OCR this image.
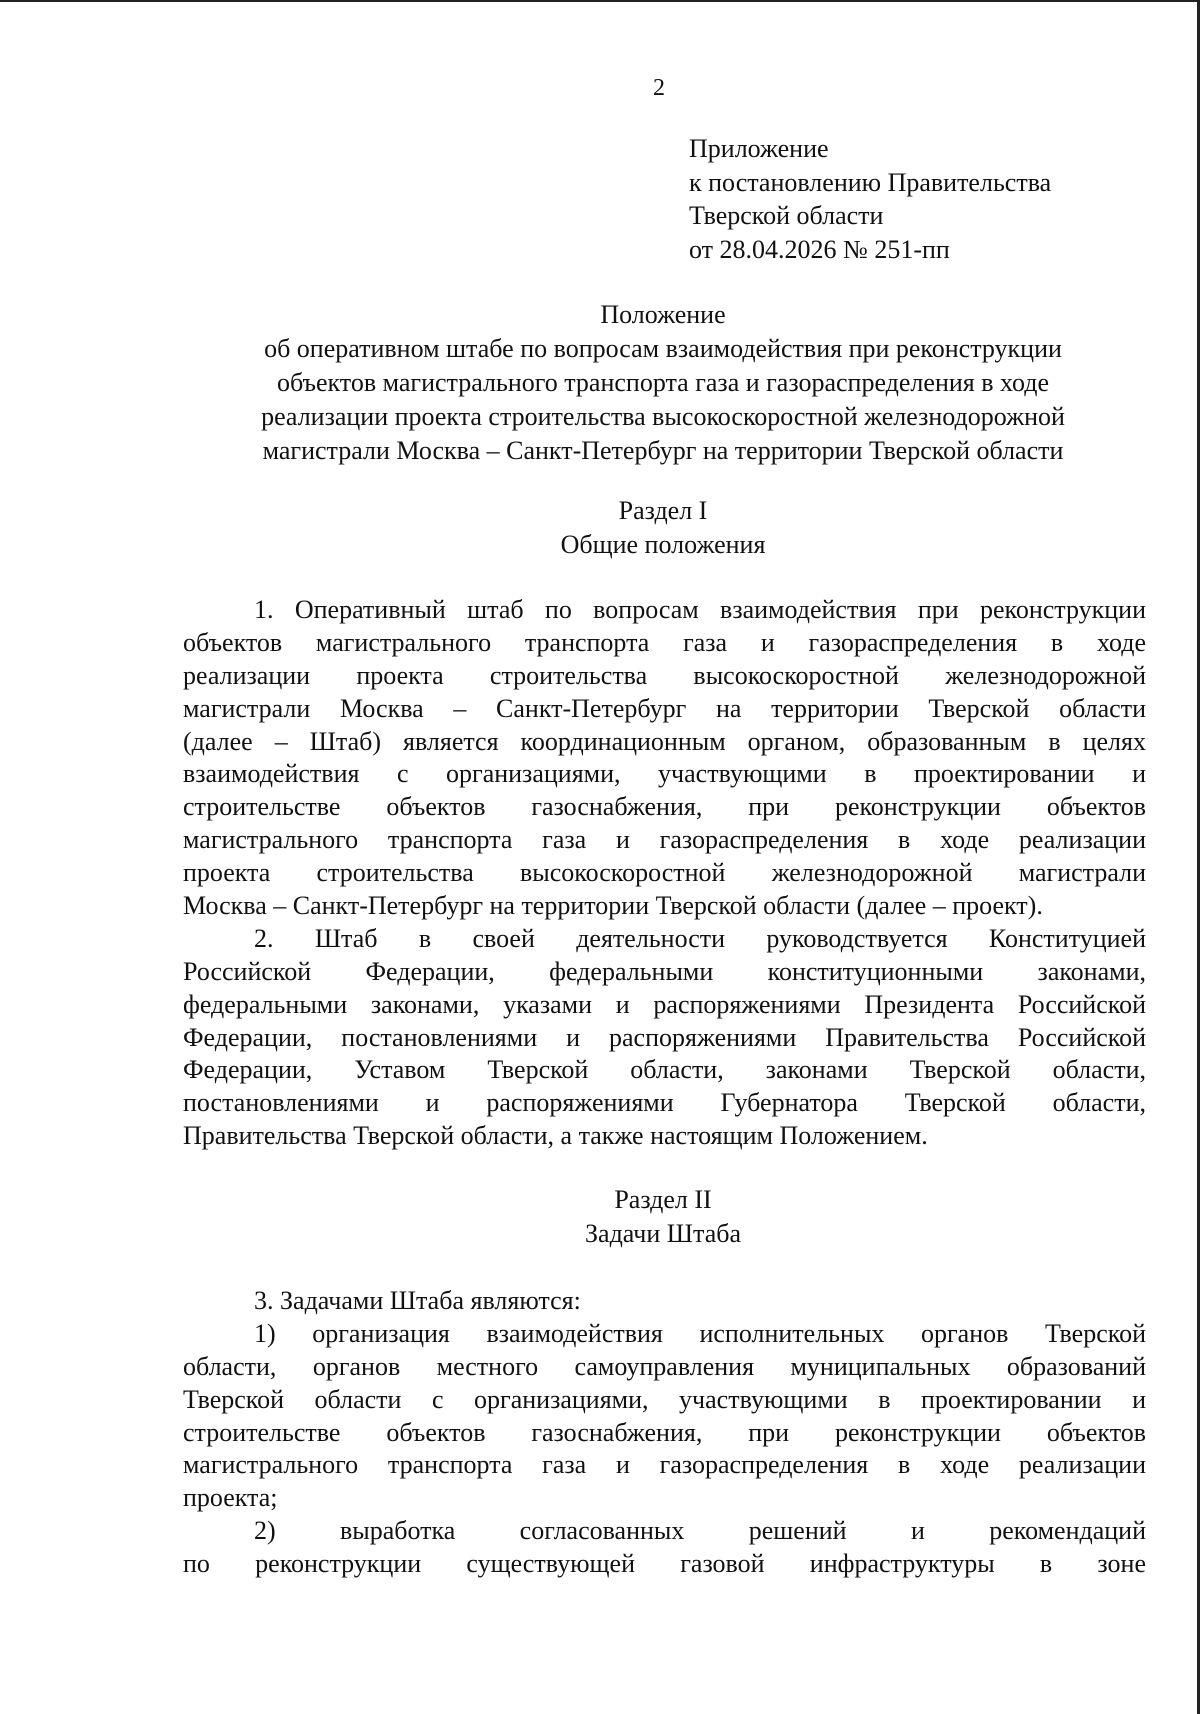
2
Приложение
к постановлению Правительства
Тверской области
от 28.04.2026 № 251-пп
Положение
об оперативном штабе по вопросам взаимодействия при реконструкции
объектов магистрального транспорта газа и газораспределения в ходе
реализации проекта строительства высокоскоростной железнодорожной
магистрали Москва – Санкт-Петербург на территории Тверской области
Раздел I
Общие положения
1. Оперативный штаб по вопросам взаимодействия при реконструкции
объектов магистрального транспорта газа и газораспределения в ходе
реализации проекта строительства высокоскоростной железнодорожной
магистрали Москва – Санкт-Петербург на территории Тверской области
(далее – Штаб) является координационным органом, образованным в целях
взаимодействия с организациями, участвующими в проектировании и
строительстве объектов газоснабжения, при реконструкции объектов
магистрального транспорта газа и газораспределения в ходе реализации
проекта строительства высокоскоростной железнодорожной магистрали
Москва – Санкт-Петербург на территории Тверской области (далее – проект).
2. Штаб в своей деятельности руководствуется Конституцией
Российской Федерации, федеральными конституционными законами,
федеральными законами, указами и распоряжениями Президента Российской
Федерации, постановлениями и распоряжениями Правительства Российской
Федерации, Уставом Тверской области, законами Тверской области,
постановлениями и распоряжениями Губернатора Тверской области,
Правительства Тверской области, а также настоящим Положением.
Раздел II
Задачи Штаба
3. Задачами Штаба являются:
1) организация взаимодействия исполнительных органов Тверской
области, органов местного самоуправления муниципальных образований
Тверской области с организациями, участвующими в проектировании и
строительстве объектов газоснабжения, при реконструкции объектов
магистрального транспорта газа и газораспределения в ходе реализации
проекта;
2) выработка согласованных решений и рекомендаций
по реконструкции существующей газовой инфраструктуры в зоне
